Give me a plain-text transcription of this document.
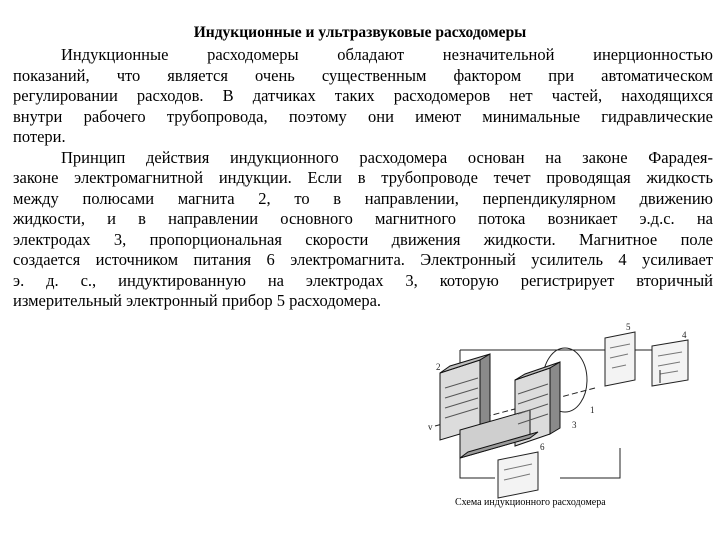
Индукционные и ультразвуковые расходомеры
Индукционные расходомеры обладают незначительной инерционностью
показаний, что является очень существенным фактором при автоматическом
регулировании расходов. В датчиках таких расходомеров нет частей, находящихся
внутри рабочего трубопровода, поэтому они имеют минимальные гидравлические
потери.
Принцип действия индукционного расходомера основан на законе Фарадея-
законе электромагнитной индукции. Если в трубопроводе течет проводящая жидкость
между полюсами магнита 2, то в направлении, перпендикулярном движению
жидкости, и в направлении основного магнитного потока возникает э.д.с. на
электродах 3, пропорциональная скорости движения жидкости. Магнитное поле
создается источником питания 6 электромагнита. Электронный усилитель 4 усиливает
э. д. с., индуктированную на электродах 3, которую регистрирует вторичный
измерительный электронный прибор 5 расходомера.
5
4
3
2
1
6
v
Схема индукционного расходомера
